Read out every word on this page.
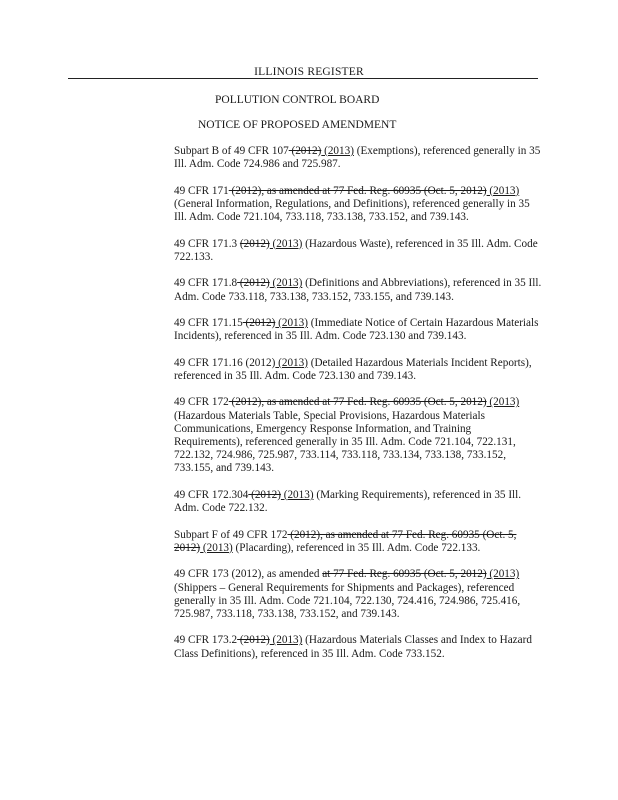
ILLINOIS REGISTER
POLLUTION CONTROL BOARD
NOTICE OF PROPOSED AMENDMENT

Subpart B of 49 CFR 107 (2012) (2013) (Exemptions), referenced generally in 35 Ill. Adm. Code 724.986 and 725.987.

49 CFR 171 (2012), as amended at 77 Fed. Reg. 60935 (Oct. 5, 2012) (2013) (General Information, Regulations, and Definitions), referenced generally in 35 Ill. Adm. Code 721.104, 733.118, 733.138, 733.152, and 739.143.

49 CFR 171.3 (2012) (2013) (Hazardous Waste), referenced in 35 Ill. Adm. Code 722.133.

49 CFR 171.8 (2012) (2013) (Definitions and Abbreviations), referenced in 35 Ill. Adm. Code 733.118, 733.138, 733.152, 733.155, and 739.143.

49 CFR 171.15 (2012) (2013) (Immediate Notice of Certain Hazardous Materials Incidents), referenced in 35 Ill. Adm. Code 723.130 and 739.143.

49 CFR 171.16 (2012) (2013) (Detailed Hazardous Materials Incident Reports), referenced in 35 Ill. Adm. Code 723.130 and 739.143.

49 CFR 172 (2012), as amended at 77 Fed. Reg. 60935 (Oct. 5, 2012) (2013) (Hazardous Materials Table, Special Provisions, Hazardous Materials Communications, Emergency Response Information, and Training Requirements), referenced generally in 35 Ill. Adm. Code 721.104, 722.131, 722.132, 724.986, 725.987, 733.114, 733.118, 733.134, 733.138, 733.152, 733.155, and 739.143.

49 CFR 172.304 (2012) (2013) (Marking Requirements), referenced in 35 Ill. Adm. Code 722.132.

Subpart F of 49 CFR 172 (2012), as amended at 77 Fed. Reg. 60935 (Oct. 5, 2012) (2013) (Placarding), referenced in 35 Ill. Adm. Code 722.133.

49 CFR 173 (2012), as amended at 77 Fed. Reg. 60935 (Oct. 5, 2012) (2013) (Shippers – General Requirements for Shipments and Packages), referenced generally in 35 Ill. Adm. Code 721.104, 722.130, 724.416, 724.986, 725.416, 725.987, 733.118, 733.138, 733.152, and 739.143.

49 CFR 173.2 (2012) (2013) (Hazardous Materials Classes and Index to Hazard Class Definitions), referenced in 35 Ill. Adm. Code 733.152.
